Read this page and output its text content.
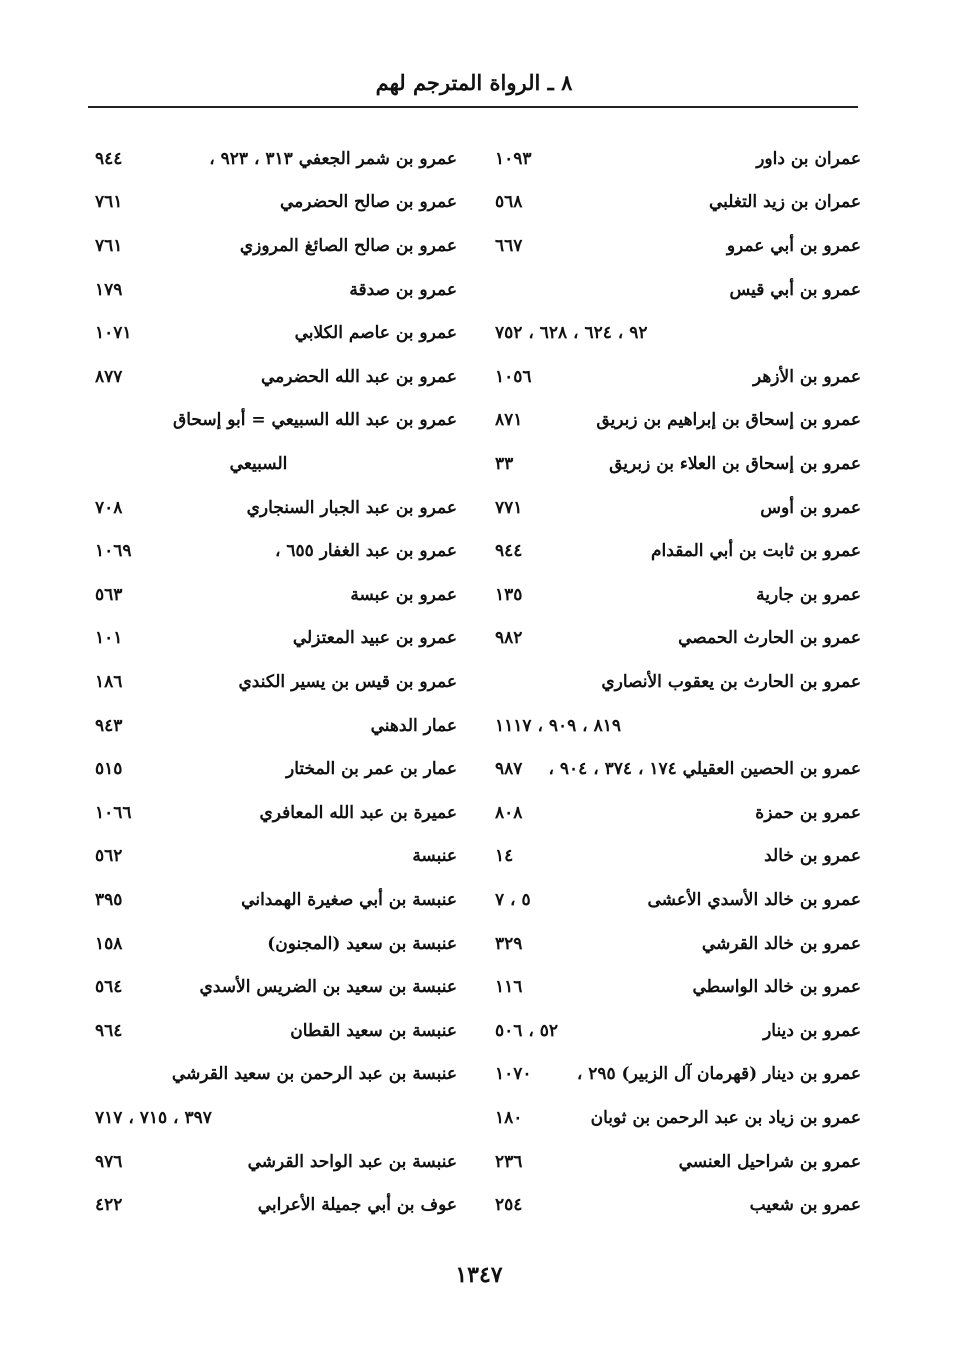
٨ ـ الرواة المترجم لهم
عمران بن داور
١٠٩٣
عمران بن زيد التغلبي
٥٦٨
عمرو بن أبي عمرو
٦٦٧
عمرو بن أبي قيس
٩٢ ، ٦٢٤ ، ٦٢٨ ، ٧٥٢
عمرو بن الأزهر
١٠٥٦
عمرو بن إسحاق بن إبراهيم بن زبريق
٨٧١
عمرو بن إسحاق بن العلاء بن زبريق
٣٣
عمرو بن أوس
٧٧١
عمرو بن ثابت بن أبي المقدام
٩٤٤
عمرو بن جارية
١٣٥
عمرو بن الحارث الحمصي
٩٨٢
عمرو بن الحارث بن يعقوب الأنصاري
٨١٩ ، ٩٠٩ ، ١١١٧
عمرو بن الحصين العقيلي ١٧٤ ، ٣٧٤ ، ٩٠٤ ،
٩٨٧
عمرو بن حمزة
٨٠٨
عمرو بن خالد
١٤
عمرو بن خالد الأسدي الأعشى
٥ ، ٧
عمرو بن خالد القرشي
٣٢٩
عمرو بن خالد الواسطي
١١٦
عمرو بن دينار
٥٢ ، ٥٠٦
عمرو بن دينار (قهرمان آل الزبير) ٢٩٥ ،
١٠٧٠
عمرو بن زياد بن عبد الرحمن بن ثوبان
١٨٠
عمرو بن شراحيل العنسي
٢٣٦
عمرو بن شعيب
٢٥٤
عمرو بن شمر الجعفي ٣١٣ ، ٩٢٣ ،
٩٤٤
عمرو بن صالح الحضرمي
٧٦١
عمرو بن صالح الصائغ المروزي
٧٦١
عمرو بن صدقة
١٧٩
عمرو بن عاصم الكلابي
١٠٧١
عمرو بن عبد الله الحضرمي
٨٧٧
عمرو بن عبد الله السبيعي = أبو إسحاق
السبيعي
عمرو بن عبد الجبار السنجاري
٧٠٨
عمرو بن عبد الغفار ٦٥٥ ،
١٠٦٩
عمرو بن عبسة
٥٦٣
عمرو بن عبيد المعتزلي
١٠١
عمرو بن قيس بن يسير الكندي
١٨٦
عمار الدهني
٩٤٣
عمار بن عمر بن المختار
٥١٥
عميرة بن عبد الله المعافري
١٠٦٦
عنبسة
٥٦٢
عنبسة بن أبي صغيرة الهمداني
٣٩٥
عنبسة بن سعيد (المجنون)
١٥٨
عنبسة بن سعيد بن الضريس الأسدي
٥٦٤
عنبسة بن سعيد القطان
٩٦٤
عنبسة بن عبد الرحمن بن سعيد القرشي
٣٩٧ ، ٧١٥ ، ٧١٧
عنبسة بن عبد الواحد القرشي
٩٧٦
عوف بن أبي جميلة الأعرابي
٤٢٢
١٣٤٧
